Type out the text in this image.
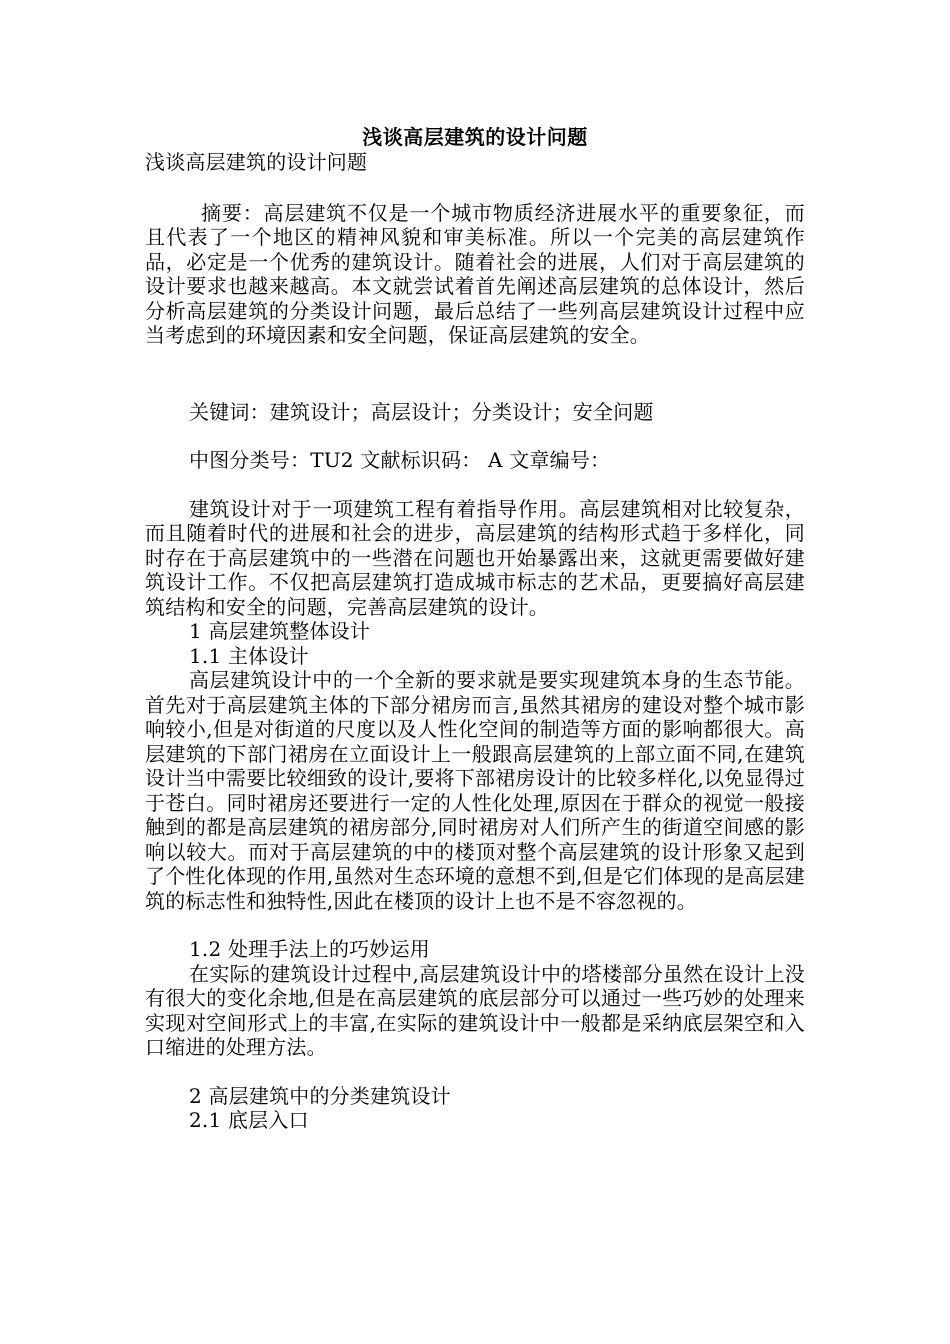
浅谈高层建筑的设计问题

浅谈高层建筑的设计问题

摘要：高层建筑不仅是一个城市物质经济进展水平的重要象征，而且代表了一个地区的精神风貌和审美标准。所以一个完美的高层建筑作品，必定是一个优秀的建筑设计。随着社会的进展，人们对于高层建筑的设计要求也越来越高。本文就尝试着首先阐述高层建筑的总体设计，然后分析高层建筑的分类设计问题，最后总结了一些列高层建筑设计过程中应当考虑到的环境因素和安全问题，保证高层建筑的安全。

关键词：建筑设计；高层设计；分类设计；安全问题

中图分类号：TU2 文献标识码： A 文章编号：

建筑设计对于一项建筑工程有着指导作用。高层建筑相对比较复杂，而且随着时代的进展和社会的进步，高层建筑的结构形式趋于多样化，同时存在于高层建筑中的一些潜在问题也开始暴露出来，这就更需要做好建筑设计工作。不仅把高层建筑打造成城市标志的艺术品，更要搞好高层建筑结构和安全的问题，完善高层建筑的设计。

1 高层建筑整体设计

1.1 主体设计

高层建筑设计中的一个全新的要求就是要实现建筑本身的生态节能。首先对于高层建筑主体的下部分裙房而言,虽然其裙房的建设对整个城市影响较小,但是对街道的尺度以及人性化空间的制造等方面的影响都很大。高层建筑的下部门裙房在立面设计上一般跟高层建筑的上部立面不同,在建筑设计当中需要比较细致的设计,要将下部裙房设计的比较多样化,以免显得过于苍白。同时裙房还要进行一定的人性化处理,原因在于群众的视觉一般接触到的都是高层建筑的裙房部分,同时裙房对人们所产生的街道空间感的影响以较大。而对于高层建筑的中的楼顶对整个高层建筑的设计形象又起到了个性化体现的作用,虽然对生态环境的意想不到,但是它们体现的是高层建筑的标志性和独特性,因此在楼顶的设计上也不是不容忽视的。

1.2 处理手法上的巧妙运用

在实际的建筑设计过程中,高层建筑设计中的塔楼部分虽然在设计上没有很大的变化余地,但是在高层建筑的底层部分可以通过一些巧妙的处理来实现对空间形式上的丰富,在实际的建筑设计中一般都是采纳底层架空和入口缩进的处理方法。

2 高层建筑中的分类建筑设计

2.1 底层入口
